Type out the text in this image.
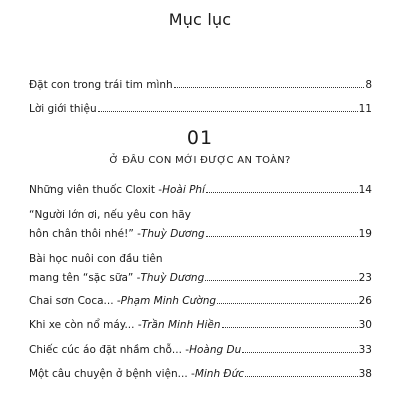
Mục lục
Đặt con trong trái tim mình	8
Lời giới thiệu	11
01
Ở ĐÂU CON MỚI ĐƯỢC AN TOÀN?
Những viên thuốc Cloxit - Hoài Phí	14
“Người lớn ơi, nếu yêu con hãy
hôn chân thôi nhé!” - Thuỳ Dương	19
Bài học nuôi con đầu tiên
mang tên “sặc sữa” - Thuỳ Dương	23
Chai sơn Coca... - Phạm Minh Cường	26
Khi xe còn nổ máy... - Trần Minh Hiền	30
Chiếc cúc áo đặt nhầm chỗ... - Hoàng Du	33
Một câu chuyện ở bệnh viện... - Minh Đức	38
